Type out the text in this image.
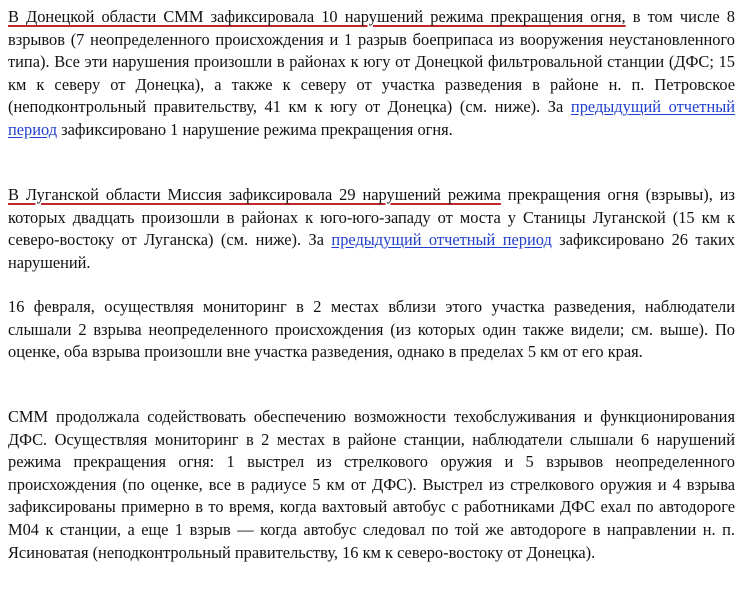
В Донецкой области СММ зафиксировала 10 нарушений режима прекращения огня, в том числе 8 взрывов (7 неопределенного происхождения и 1 разрыв боеприпаса из вооружения неустановленного типа). Все эти нарушения произошли в районах к югу от Донецкой фильтровальной станции (ДФС; 15 км к северу от Донецка), а также к северу от участка разведения в районе н. п. Петровское (неподконтрольный правительству, 41 км к югу от Донецка) (см. ниже). За предыдущий отчетный период зафиксировано 1 нарушение режима прекращения огня.

В Луганской области Миссия зафиксировала 29 нарушений режима прекращения огня (взрывы), из которых двадцать произошли в районах к юго-юго-западу от моста у Станицы Луганской (15 км к северо-востоку от Луганска) (см. ниже). За предыдущий отчетный период зафиксировано 26 таких нарушений.

16 февраля, осуществляя мониторинг в 2 местах вблизи этого участка разведения, наблюдатели слышали 2 взрыва неопределенного происхождения (из которых один также видели; см. выше). По оценке, оба взрыва произошли вне участка разведения, однако в пределах 5 км от его края.

СММ продолжала содействовать обеспечению возможности техобслуживания и функционирования ДФС. Осуществляя мониторинг в 2 местах в районе станции, наблюдатели слышали 6 нарушений режима прекращения огня: 1 выстрел из стрелкового оружия и 5 взрывов неопределенного происхождения (по оценке, все в радиусе 5 км от ДФС). Выстрел из стрелкового оружия и 4 взрыва зафиксированы примерно в то время, когда вахтовый автобус с работниками ДФС ехал по автодороге М04 к станции, а еще 1 взрыв — когда автобус следовал по той же автодороге в направлении н. п. Ясиноватая (неподконтрольный правительству, 16 км к северо-востоку от Донецка).
